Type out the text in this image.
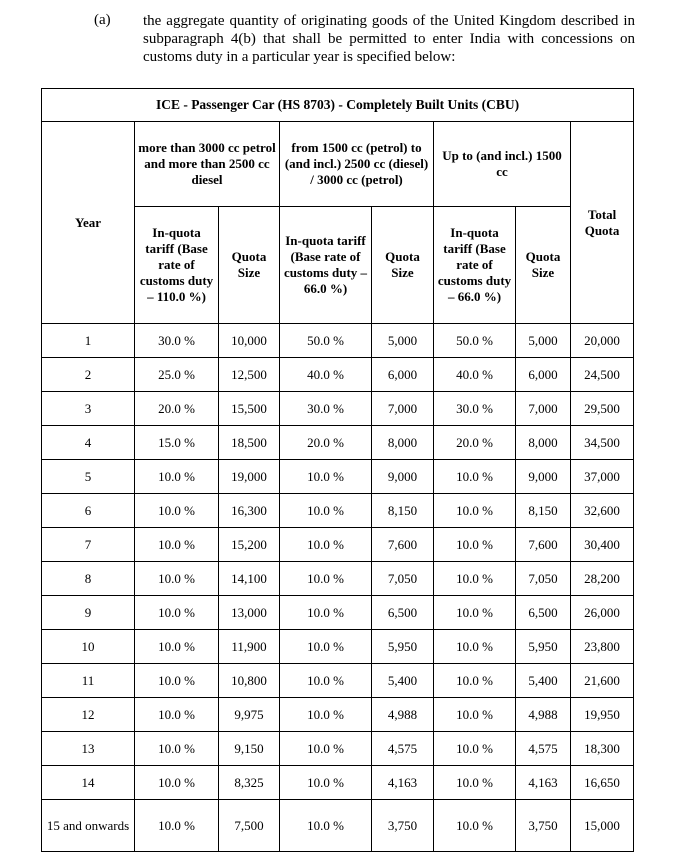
(a) the aggregate quantity of originating goods of the United Kingdom described in subparagraph 4(b) that shall be permitted to enter India with concessions on customs duty in a particular year is specified below:
ICE - Passenger Car (HS 8703) - Completely Built Units (CBU)							
Year	more than 3000 cc petrol and more than 2500 cc diesel		from 1500 cc (petrol) to (and incl.) 2500 cc (diesel) / 3000 cc (petrol)		Up to (and incl.) 1500 cc		Total Quota
	In-quota tariff (Base rate of customs duty – 110.0 %)	Quota Size	In-quota tariff (Base rate of customs duty – 66.0 %)	Quota Size	In-quota tariff (Base rate of customs duty – 66.0 %)	Quota Size	
1	30.0 %	10,000	50.0 %	5,000	50.0 %	5,000	20,000
2	25.0 %	12,500	40.0 %	6,000	40.0 %	6,000	24,500
3	20.0 %	15,500	30.0 %	7,000	30.0 %	7,000	29,500
4	15.0 %	18,500	20.0 %	8,000	20.0 %	8,000	34,500
5	10.0 %	19,000	10.0 %	9,000	10.0 %	9,000	37,000
6	10.0 %	16,300	10.0 %	8,150	10.0 %	8,150	32,600
7	10.0 %	15,200	10.0 %	7,600	10.0 %	7,600	30,400
8	10.0 %	14,100	10.0 %	7,050	10.0 %	7,050	28,200
9	10.0 %	13,000	10.0 %	6,500	10.0 %	6,500	26,000
10	10.0 %	11,900	10.0 %	5,950	10.0 %	5,950	23,800
11	10.0 %	10,800	10.0 %	5,400	10.0 %	5,400	21,600
12	10.0 %	9,975	10.0 %	4,988	10.0 %	4,988	19,950
13	10.0 %	9,150	10.0 %	4,575	10.0 %	4,575	18,300
14	10.0 %	8,325	10.0 %	4,163	10.0 %	4,163	16,650
15 and onwards	10.0 %	7,500	10.0 %	3,750	10.0 %	3,750	15,000
